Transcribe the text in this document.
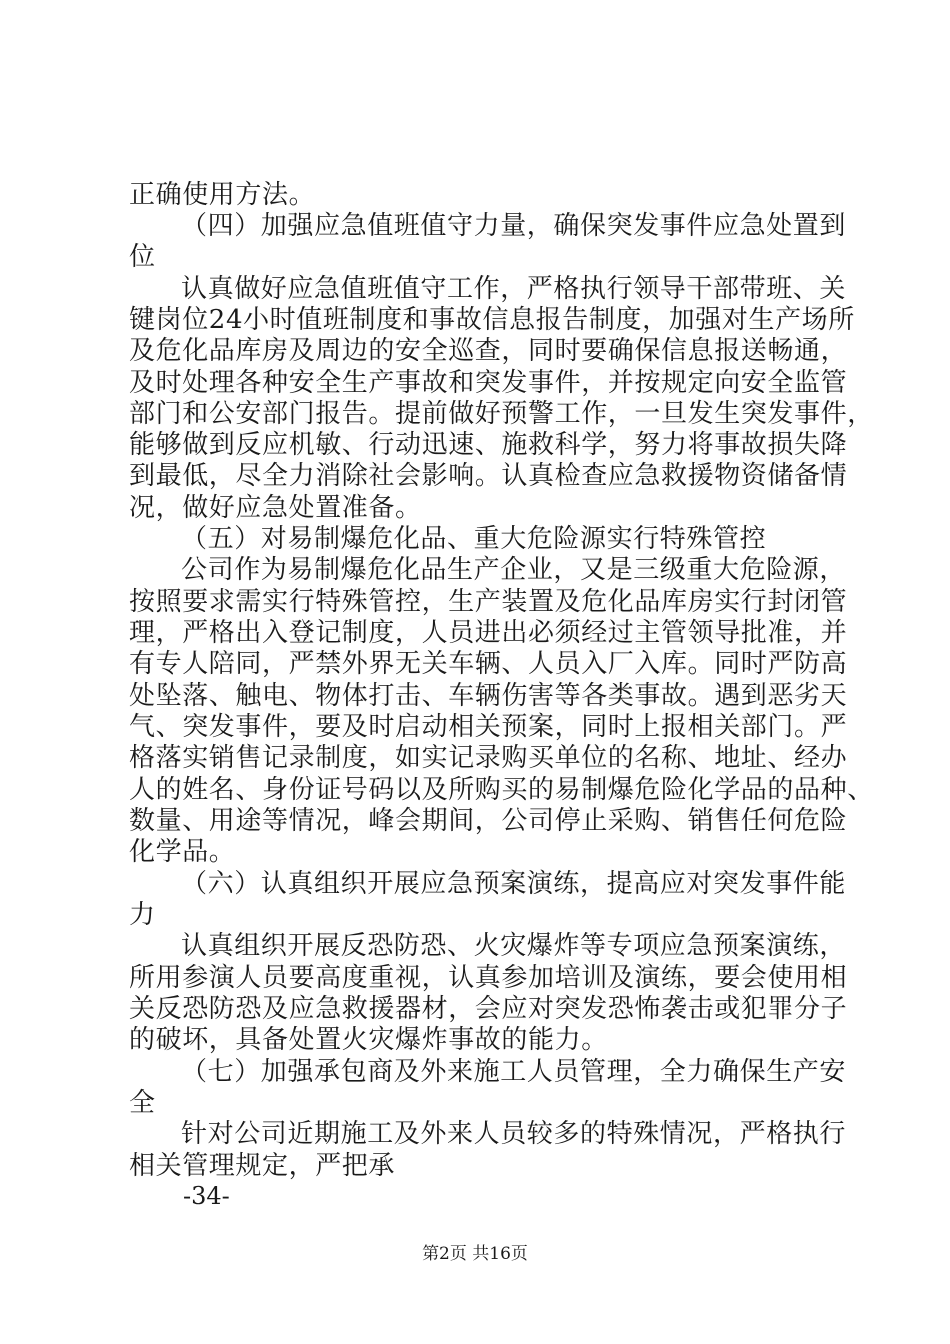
正确使用方法。
（四）加强应急值班值守力量，确保突发事件应急处置到
位
认真做好应急值班值守工作，严格执行领导干部带班、关
键岗位24小时值班制度和事故信息报告制度，加强对生产场所
及危化品库房及周边的安全巡查，同时要确保信息报送畅通，
及时处理各种安全生产事故和突发事件，并按规定向安全监管
部门和公安部门报告。提前做好预警工作，一旦发生突发事件，
能够做到反应机敏、行动迅速、施救科学，努力将事故损失降
到最低，尽全力消除社会影响。认真检查应急救援物资储备情
况，做好应急处置准备。
（五）对易制爆危化品、重大危险源实行特殊管控
公司作为易制爆危化品生产企业，又是三级重大危险源，
按照要求需实行特殊管控，生产装置及危化品库房实行封闭管
理，严格出入登记制度，人员进出必须经过主管领导批准，并
有专人陪同，严禁外界无关车辆、人员入厂入库。同时严防高
处坠落、触电、物体打击、车辆伤害等各类事故。遇到恶劣天
气、突发事件，要及时启动相关预案，同时上报相关部门。严
格落实销售记录制度，如实记录购买单位的名称、地址、经办
人的姓名、身份证号码以及所购买的易制爆危险化学品的品种、
数量、用途等情况，峰会期间，公司停止采购、销售任何危险
化学品。
（六）认真组织开展应急预案演练，提高应对突发事件能
力
认真组织开展反恐防恐、火灾爆炸等专项应急预案演练，
所用参演人员要高度重视，认真参加培训及演练，要会使用相
关反恐防恐及应急救援器材，会应对突发恐怖袭击或犯罪分子
的破坏，具备处置火灾爆炸事故的能力。
（七）加强承包商及外来施工人员管理，全力确保生产安
全
针对公司近期施工及外来人员较多的特殊情况，严格执行
相关管理规定，严把承
-34-
第2页 共16页
